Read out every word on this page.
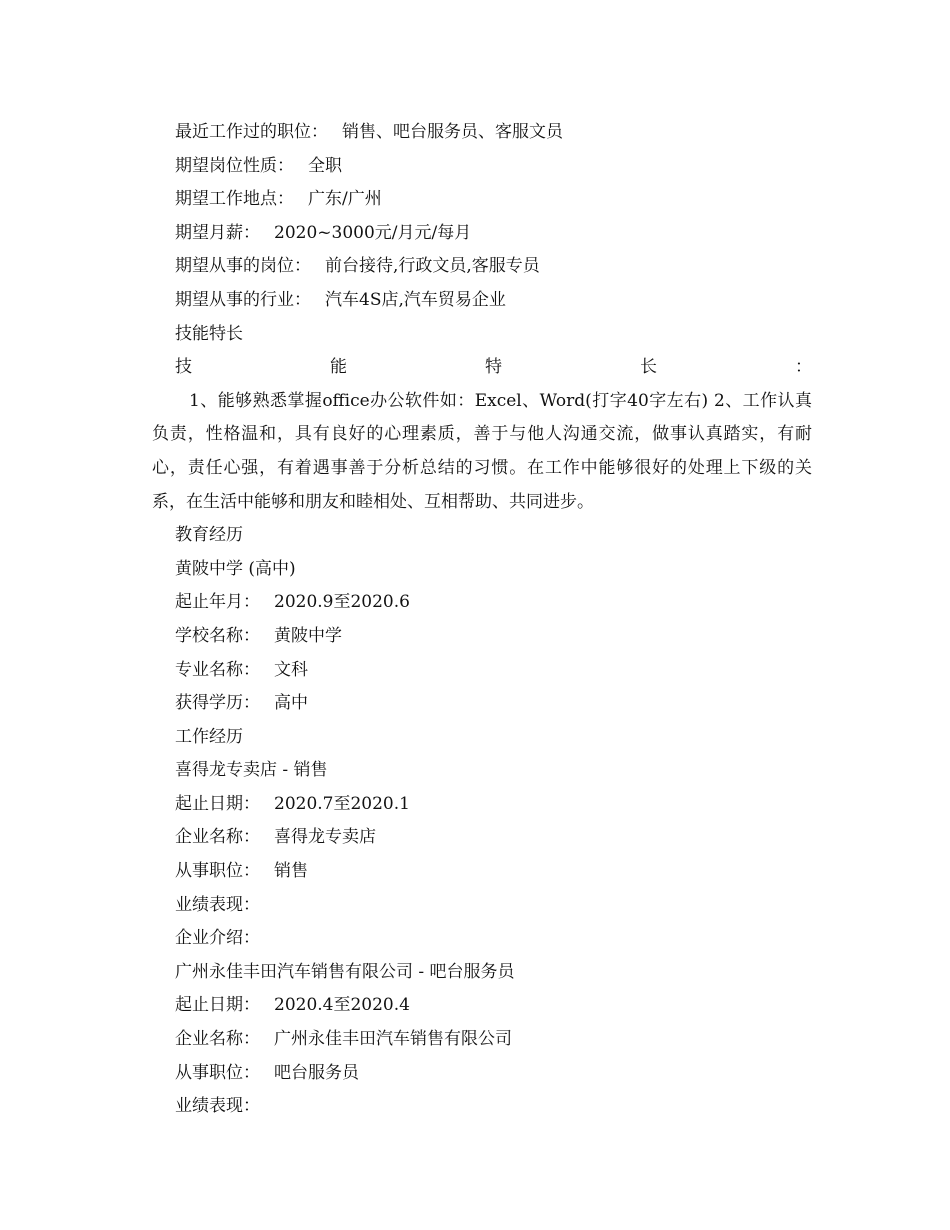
最近工作过的职位： 销售、吧台服务员、客服文员
期望岗位性质： 全职
期望工作地点： 广东/广州
期望月薪： 2020~3000元/月元/每月
期望从事的岗位： 前台接待,行政文员,客服专员
期望从事的行业： 汽车4S店,汽车贸易企业
技能特长
技能特长：1、能够熟悉掌握office办公软件如：Excel、Word(打字40字左右) 2、工作认真负责，性格温和，具有良好的心理素质，善于与他人沟通交流，做事认真踏实，有耐心，责任心强，有着遇事善于分析总结的习惯。在工作中能够很好的处理上下级的关系，在生活中能够和朋友和睦相处、互相帮助、共同进步。
教育经历
黄陂中学 (高中)
起止年月： 2020.9至2020.6
学校名称： 黄陂中学
专业名称： 文科
获得学历： 高中
工作经历
喜得龙专卖店 - 销售
起止日期： 2020.7至2020.1
企业名称： 喜得龙专卖店
从事职位： 销售
业绩表现：
企业介绍：
广州永佳丰田汽车销售有限公司 - 吧台服务员
起止日期： 2020.4至2020.4
企业名称： 广州永佳丰田汽车销售有限公司
从事职位： 吧台服务员
业绩表现：
